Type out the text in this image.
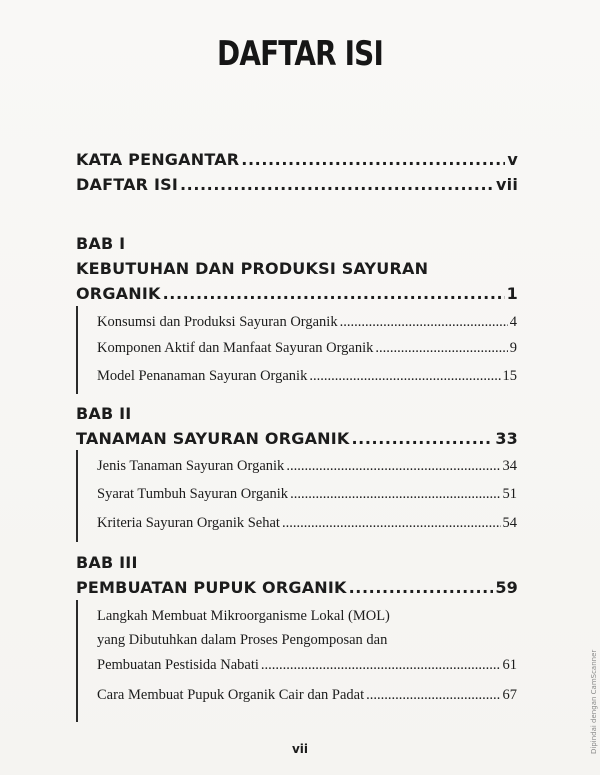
DAFTAR ISI
KATA PENGANTAR .....	v
DAFTAR ISI .....	vii
BAB I
KEBUTUHAN DAN PRODUKSI SAYURAN
ORGANIK .....	1
Konsumsi dan Produksi Sayuran Organik .....	4
Komponen Aktif dan Manfaat Sayuran Organik .....	9
Model Penanaman Sayuran Organik .....	15
BAB II
TANAMAN SAYURAN ORGANIK .....	33
Jenis Tanaman Sayuran Organik .....	34
Syarat Tumbuh Sayuran Organik .....	51
Kriteria Sayuran Organik Sehat .....	54
BAB III
PEMBUATAN PUPUK ORGANIK .....	59
Langkah Membuat Mikroorganisme Lokal (MOL)
yang Dibutuhkan dalam Proses Pengomposan dan
Pembuatan Pestisida Nabati .....	61
Cara Membuat Pupuk Organik Cair dan Padat .....	67
vii	Dipindai dengan CamScanner
